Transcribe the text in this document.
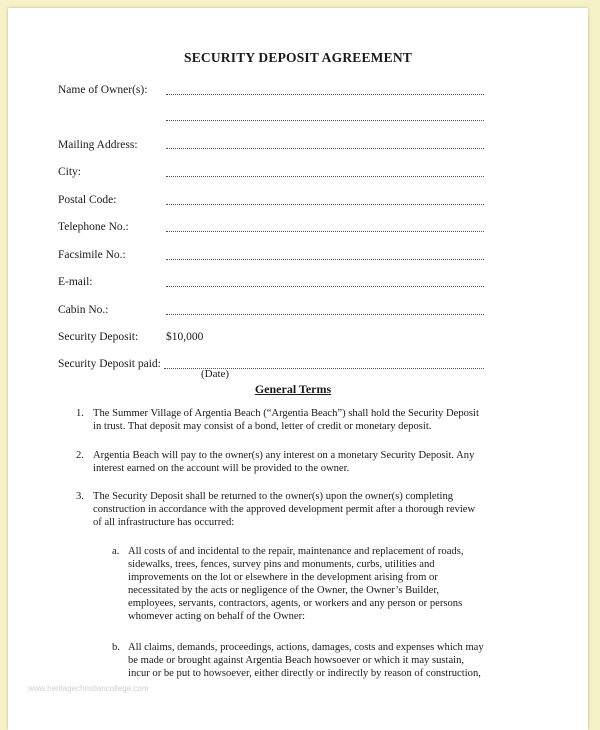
SECURITY DEPOSIT AGREEMENT
Name of Owner(s):
Mailing Address:
City:
Postal Code:
Telephone No.:
Facsimile No.:
E-mail:
Cabin No.:
Security Deposit: $10,000
Security Deposit paid:
(Date)
General Terms
1. The Summer Village of Argentia Beach (“Argentia Beach”) shall hold the Security Deposit
in trust. That deposit may consist of a bond, letter of credit or monetary deposit.
2. Argentia Beach will pay to the owner(s) any interest on a monetary Security Deposit. Any
interest earned on the account will be provided to the owner.
3. The Security Deposit shall be returned to the owner(s) upon the owner(s) completing
construction in accordance with the approved development permit after a thorough review
of all infrastructure has occurred:
a. All costs of and incidental to the repair, maintenance and replacement of roads,
sidewalks, trees, fences, survey pins and monuments, curbs, utilities and
improvements on the lot or elsewhere in the development arising from or
necessitated by the acts or negligence of the Owner, the Owner’s Builder,
employees, servants, contractors, agents, or workers and any person or persons
whomever acting on behalf of the Owner:
b. All claims, demands, proceedings, actions, damages, costs and expenses which may
be made or brought against Argentia Beach howsoever or which it may sustain,
incur or be put to howsoever, either directly or indirectly by reason of construction,
www.heritagechristiancollege.com
